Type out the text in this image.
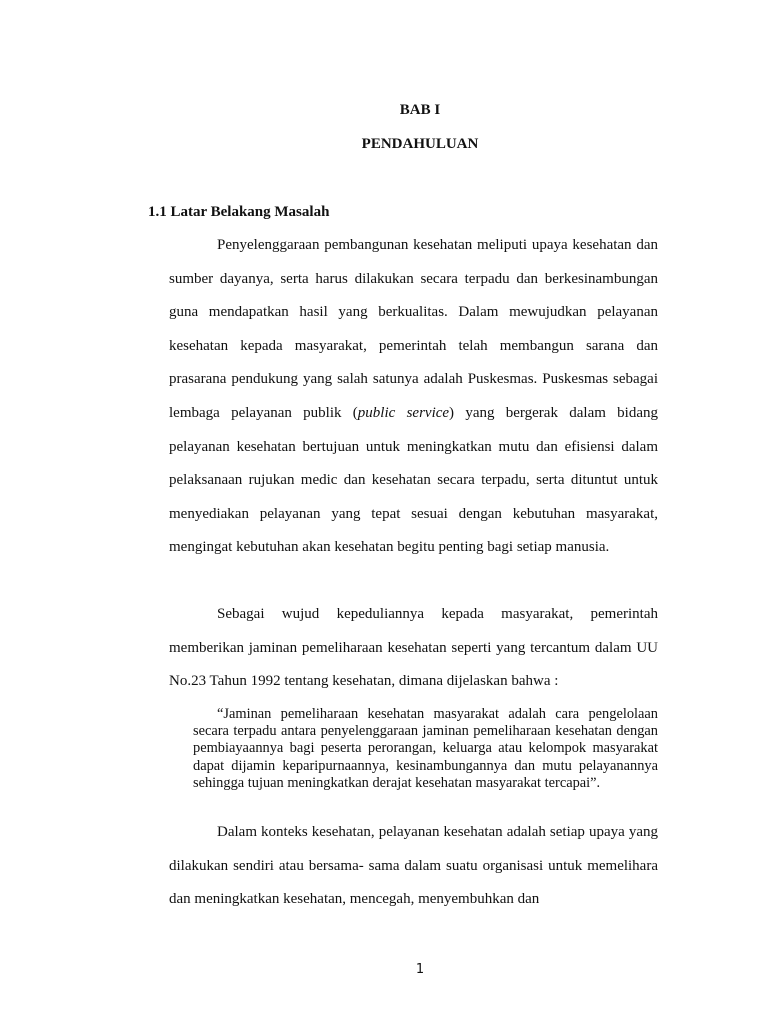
BAB I
PENDAHULUAN
1.1 Latar Belakang Masalah

Penyelenggaraan pembangunan kesehatan meliputi upaya kesehatan dan sumber dayanya, serta harus dilakukan secara terpadu dan berkesinambungan guna mendapatkan hasil yang berkualitas. Dalam mewujudkan pelayanan kesehatan kepada masyarakat, pemerintah telah membangun sarana dan prasarana pendukung yang salah satunya adalah Puskesmas. Puskesmas sebagai lembaga pelayanan publik (public service) yang bergerak dalam bidang pelayanan kesehatan bertujuan untuk meningkatkan mutu dan efisiensi dalam pelaksanaan rujukan medic dan kesehatan secara terpadu, serta dituntut untuk menyediakan pelayanan yang tepat sesuai dengan kebutuhan masyarakat, mengingat kebutuhan akan kesehatan begitu penting bagi setiap manusia.

Sebagai wujud kepeduliannya kepada masyarakat, pemerintah memberikan jaminan pemeliharaan kesehatan seperti yang tercantum dalam UU No.23 Tahun 1992 tentang kesehatan, dimana dijelaskan bahwa :

“Jaminan pemeliharaan kesehatan masyarakat adalah cara pengelolaan secara terpadu antara penyelenggaraan jaminan pemeliharaan kesehatan dengan pembiayaannya bagi peserta perorangan, keluarga atau kelompok masyarakat dapat dijamin keparipurnaannya, kesinambungannya dan mutu pelayanannya sehingga tujuan meningkatkan derajat kesehatan masyarakat tercapai”.

Dalam konteks kesehatan, pelayanan kesehatan adalah setiap upaya yang dilakukan sendiri atau bersama- sama dalam suatu organisasi untuk memelihara dan meningkatkan kesehatan, mencegah, menyembuhkan dan

1
